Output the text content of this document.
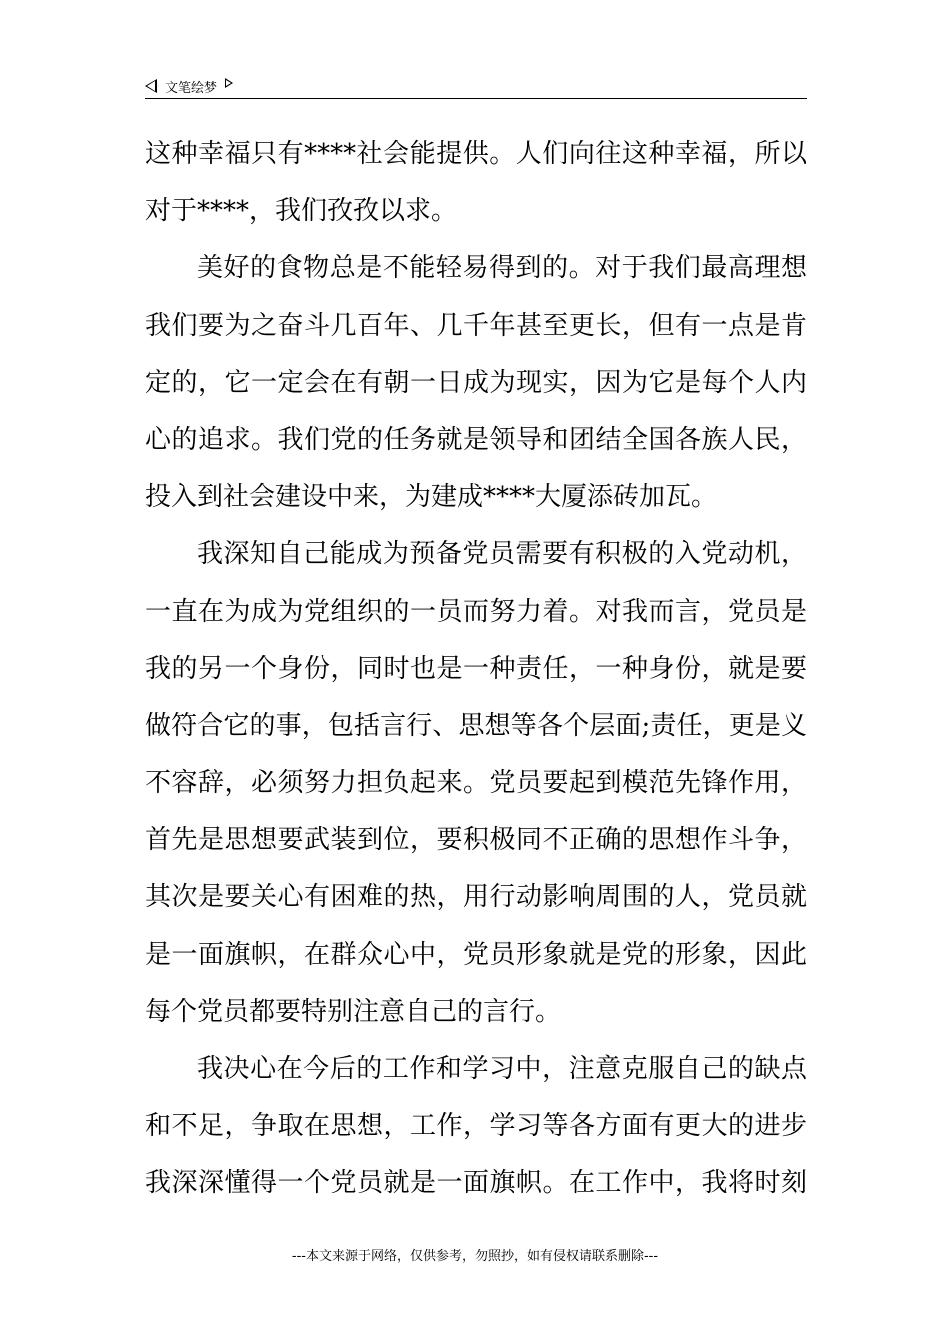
文笔绘梦
这种幸福只有****社会能提供。人们向往这种幸福，所以
对于****，我们孜孜以求。
美好的食物总是不能轻易得到的。对于我们最高理想
我们要为之奋斗几百年、几千年甚至更长，但有一点是肯
定的，它一定会在有朝一日成为现实，因为它是每个人内
心的追求。我们党的任务就是领导和团结全国各族人民，
投入到社会建设中来，为建成****大厦添砖加瓦。
我深知自己能成为预备党员需要有积极的入党动机，
一直在为成为党组织的一员而努力着。对我而言，党员是
我的另一个身份，同时也是一种责任，一种身份，就是要
做符合它的事，包括言行、思想等各个层面;责任，更是义
不容辞，必须努力担负起来。党员要起到模范先锋作用，
首先是思想要武装到位，要积极同不正确的思想作斗争，
其次是要关心有困难的热，用行动影响周围的人，党员就
是一面旗帜，在群众心中，党员形象就是党的形象，因此
每个党员都要特别注意自己的言行。
我决心在今后的工作和学习中，注意克服自己的缺点
和不足，争取在思想，工作，学习等各方面有更大的进步
我深深懂得一个党员就是一面旗帜。在工作中，我将时刻
---本文来源于网络，仅供参考，勿照抄，如有侵权请联系删除---
